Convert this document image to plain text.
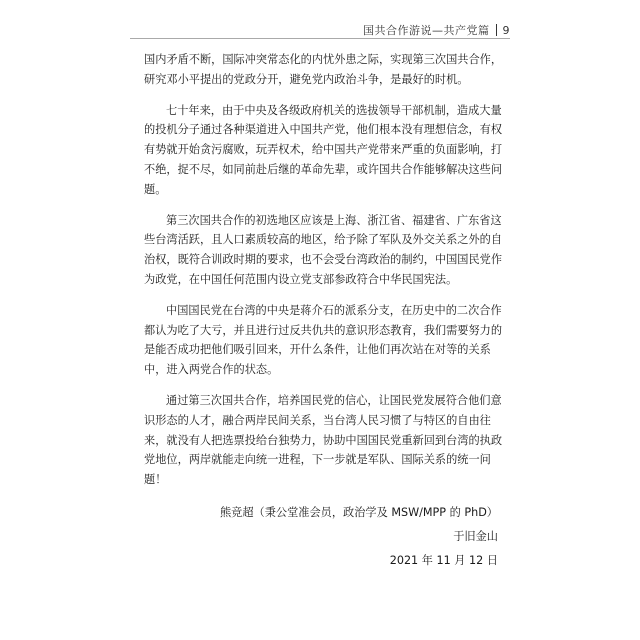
国共合作游说—共产党篇 9

国内矛盾不断，国际冲突常态化的内忧外患之际，实现第三次国共合作，研究邓小平提出的党政分开，避免党内政治斗争，是最好的时机。

七十年来，由于中央及各级政府机关的选拔领导干部机制，造成大量的投机分子通过各种渠道进入中国共产党，他们根本没有理想信念，有权有势就开始贪污腐败，玩弄权术，给中国共产党带来严重的负面影响，打不绝，捉不尽，如同前赴后继的革命先辈，或许国共合作能够解决这些问题。

第三次国共合作的初选地区应该是上海、浙江省、福建省、广东省这些台湾活跃，且人口素质较高的地区，给予除了军队及外交关系之外的自治权，既符合训政时期的要求，也不会受台湾政治的制约，中国国民党作为政党，在中国任何范围内设立党支部参政符合中华民国宪法。

中国国民党在台湾的中央是蒋介石的派系分支，在历史中的二次合作都认为吃了大亏，并且进行过反共仇共的意识形态教育，我们需要努力的是能否成功把他们吸引回来，开什么条件，让他们再次站在对等的关系中，进入两党合作的状态。

通过第三次国共合作，培养国民党的信心，让国民党发展符合他们意识形态的人才，融合两岸民间关系，当台湾人民习惯了与特区的自由往来，就没有人把选票投给台独势力，协助中国国民党重新回到台湾的执政党地位，两岸就能走向统一进程，下一步就是军队、国际关系的统一问题！

熊竞超（秉公堂准会员，政治学及 MSW/MPP 的 PhD）

于旧金山

2021 年 11 月 12 日
